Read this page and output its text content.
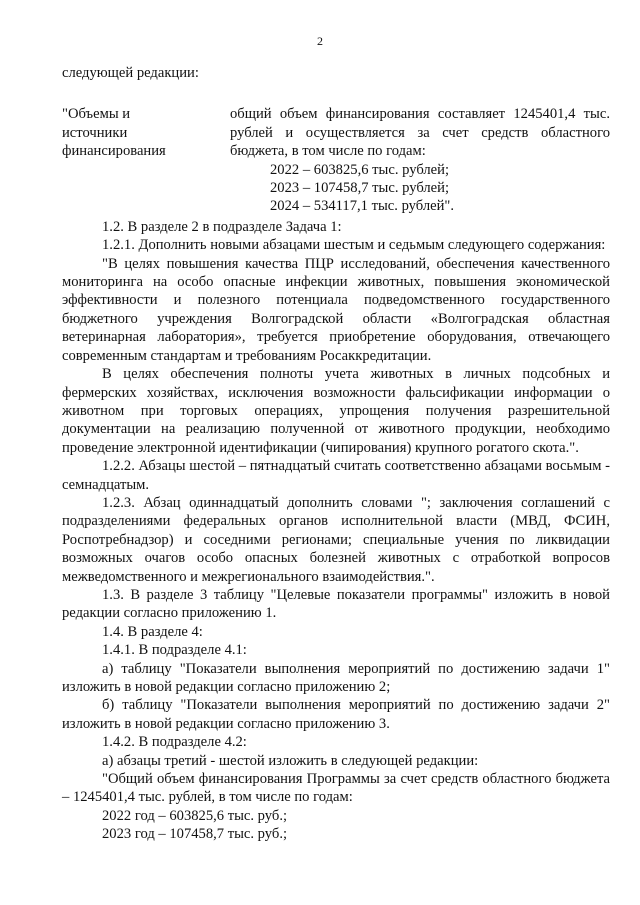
2

следующей редакции:

"Объемы и
источники
финансирования

общий объем финансирования составляет 1245401,4 тыс. рублей и осуществляется за счет средств областного бюджета, в том числе по годам:

2022 – 603825,6 тыс. рублей;

2023 – 107458,7 тыс. рублей;

2024 – 534117,1 тыс. рублей".

1.2. В разделе 2 в подразделе Задача 1:

1.2.1. Дополнить новыми абзацами шестым и седьмым следующего содержания:

"В целях повышения качества ПЦР исследований, обеспечения качественного мониторинга на особо опасные инфекции животных, повышения экономической эффективности и полезного потенциала подведомственного государственного бюджетного учреждения Волгоградской области «Волгоградская областная ветеринарная лаборатория», требуется приобретение оборудования, отвечающего современным стандартам и требованиям Росаккредитации.

В целях обеспечения полноты учета животных в личных подсобных и фермерских хозяйствах, исключения возможности фальсификации информации о животном при торговых операциях, упрощения получения разрешительной документации на реализацию полученной от животного продукции, необходимо проведение электронной идентификации (чипирования) крупного рогатого скота.".

1.2.2. Абзацы шестой – пятнадцатый считать соответственно абзацами восьмым - семнадцатым.

1.2.3. Абзац одиннадцатый дополнить словами "; заключения соглашений с подразделениями федеральных органов исполнительной власти (МВД, ФСИН, Роспотребнадзор) и соседними регионами; специальные учения по ликвидации возможных очагов особо опасных болезней животных с отработкой вопросов межведомственного и межрегионального взаимодействия.".

1.3. В разделе 3 таблицу "Целевые показатели программы" изложить в новой редакции согласно приложению 1.

1.4. В разделе 4:

1.4.1. В подразделе 4.1:

а) таблицу "Показатели выполнения мероприятий по достижению задачи 1" изложить в новой редакции согласно приложению 2;

б) таблицу "Показатели выполнения мероприятий по достижению задачи 2" изложить в новой редакции согласно приложению 3.

1.4.2. В подразделе 4.2:

а) абзацы третий - шестой изложить в следующей редакции:

"Общий объем финансирования Программы за счет средств областного бюджета – 1245401,4 тыс. рублей, в том числе по годам:

2022 год – 603825,6 тыс. руб.;

2023 год – 107458,7 тыс. руб.;
